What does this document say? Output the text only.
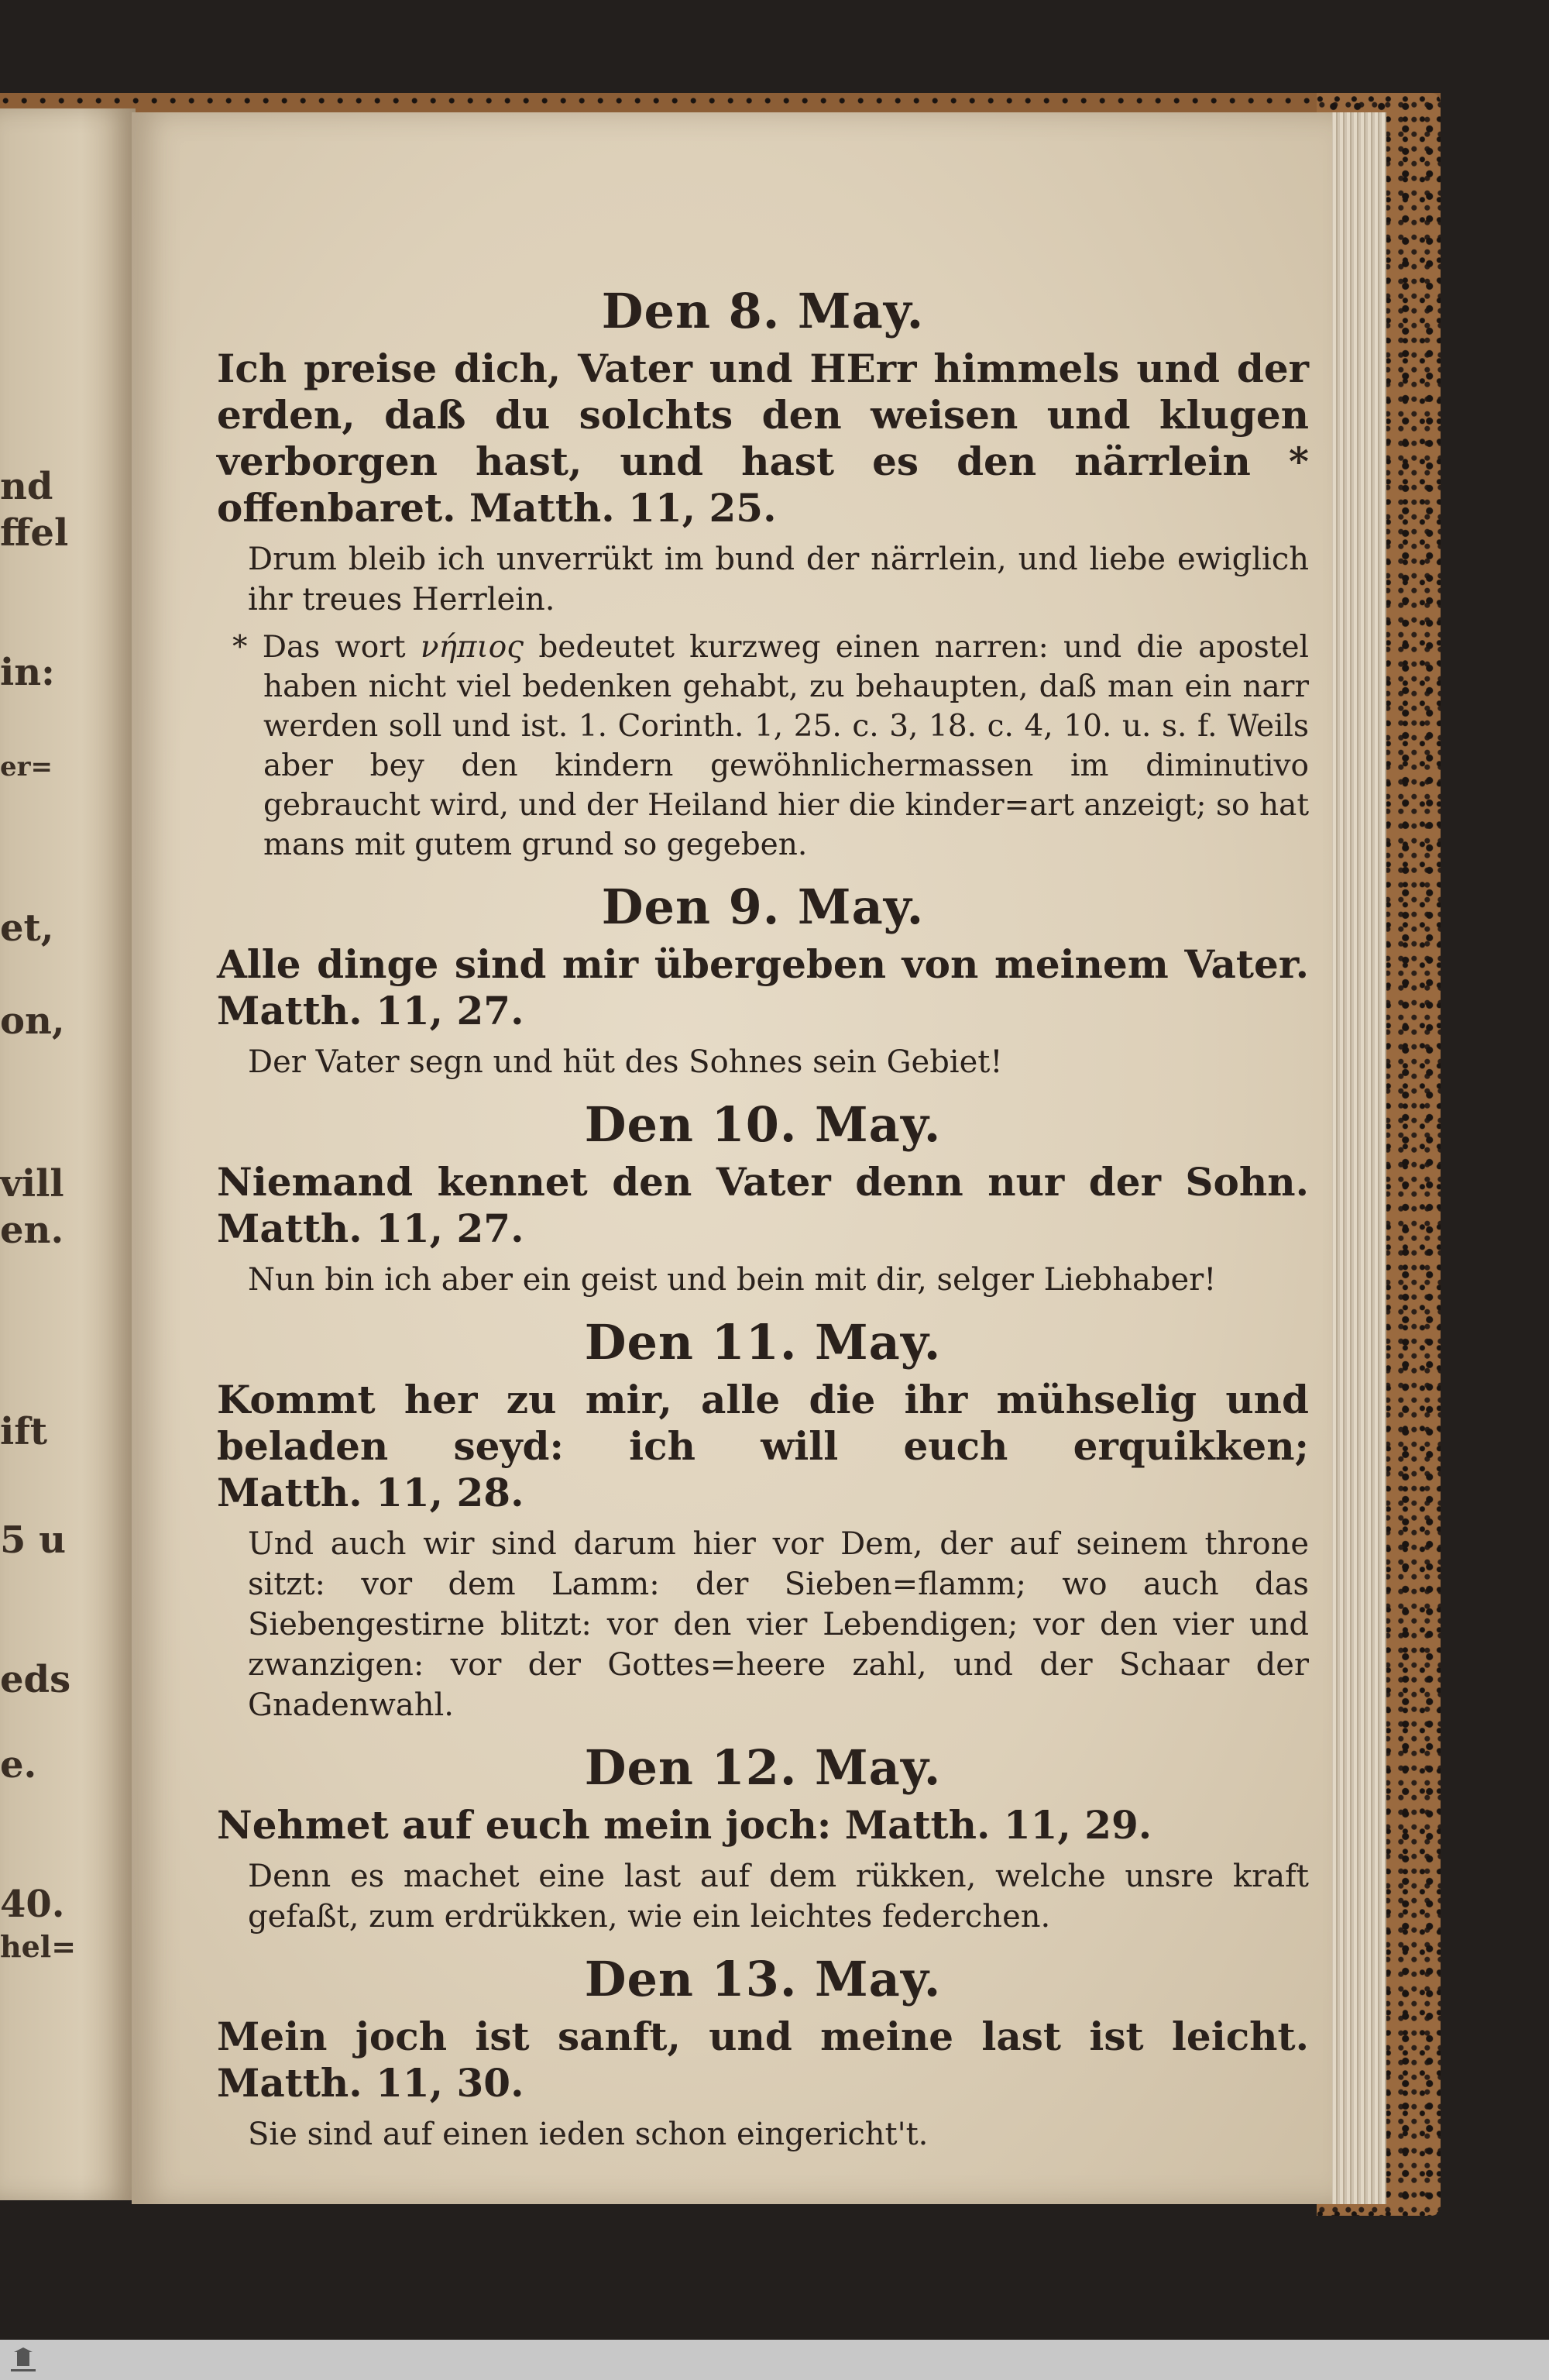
nd
ffel
in:
er=
et,
on,
vill
en.
ift
5 u
eds
e.
40.
hel=
Den 8. May.

Ich preise dich, Vater und HErr himmels und der erden, daß du solchts den weisen und klugen verborgen hast, und hast es den närrlein * offenbaret. Matth. 11, 25.

Drum bleib ich unverrükt im bund der närrlein, und liebe ewiglich ihr treues Herrlein.

* Das wort νήπιος bedeutet kurzweg einen narren: und die apostel haben nicht viel bedenken gehabt, zu behaupten, daß man ein narr werden soll und ist. 1. Corinth. 1, 25. c. 3, 18. c. 4, 10. u. s. f. Weils aber bey den kindern gewöhnlichermassen im diminutivo gebraucht wird, und der Heiland hier die kinder=art anzeigt; so hat mans mit gutem grund so gegeben.

Den 9. May.

Alle dinge sind mir übergeben von meinem Vater. Matth. 11, 27.

Der Vater segn und hüt des Sohnes sein Gebiet!

Den 10. May.

Niemand kennet den Vater denn nur der Sohn. Matth. 11, 27.

Nun bin ich aber ein geist und bein mit dir, selger Liebhaber!

Den 11. May.

Kommt her zu mir, alle die ihr mühselig und beladen seyd: ich will euch erquikken; Matth. 11, 28.

Und auch wir sind darum hier vor Dem, der auf seinem throne sitzt: vor dem Lamm: der Sieben=flamm; wo auch das Siebengestirne blitzt: vor den vier Lebendigen; vor den vier und zwanzigen: vor der Gottes=heere zahl, und der Schaar der Gnadenwahl.

Den 12. May.

Nehmet auf euch mein joch: Matth. 11, 29.

Denn es machet eine last auf dem rükken, welche unsre kraft gefaßt, zum erdrükken, wie ein leichtes federchen.

Den 13. May.

Mein joch ist sanft, und meine last ist leicht. Matth. 11, 30.

Sie sind auf einen ieden schon eingericht't.
